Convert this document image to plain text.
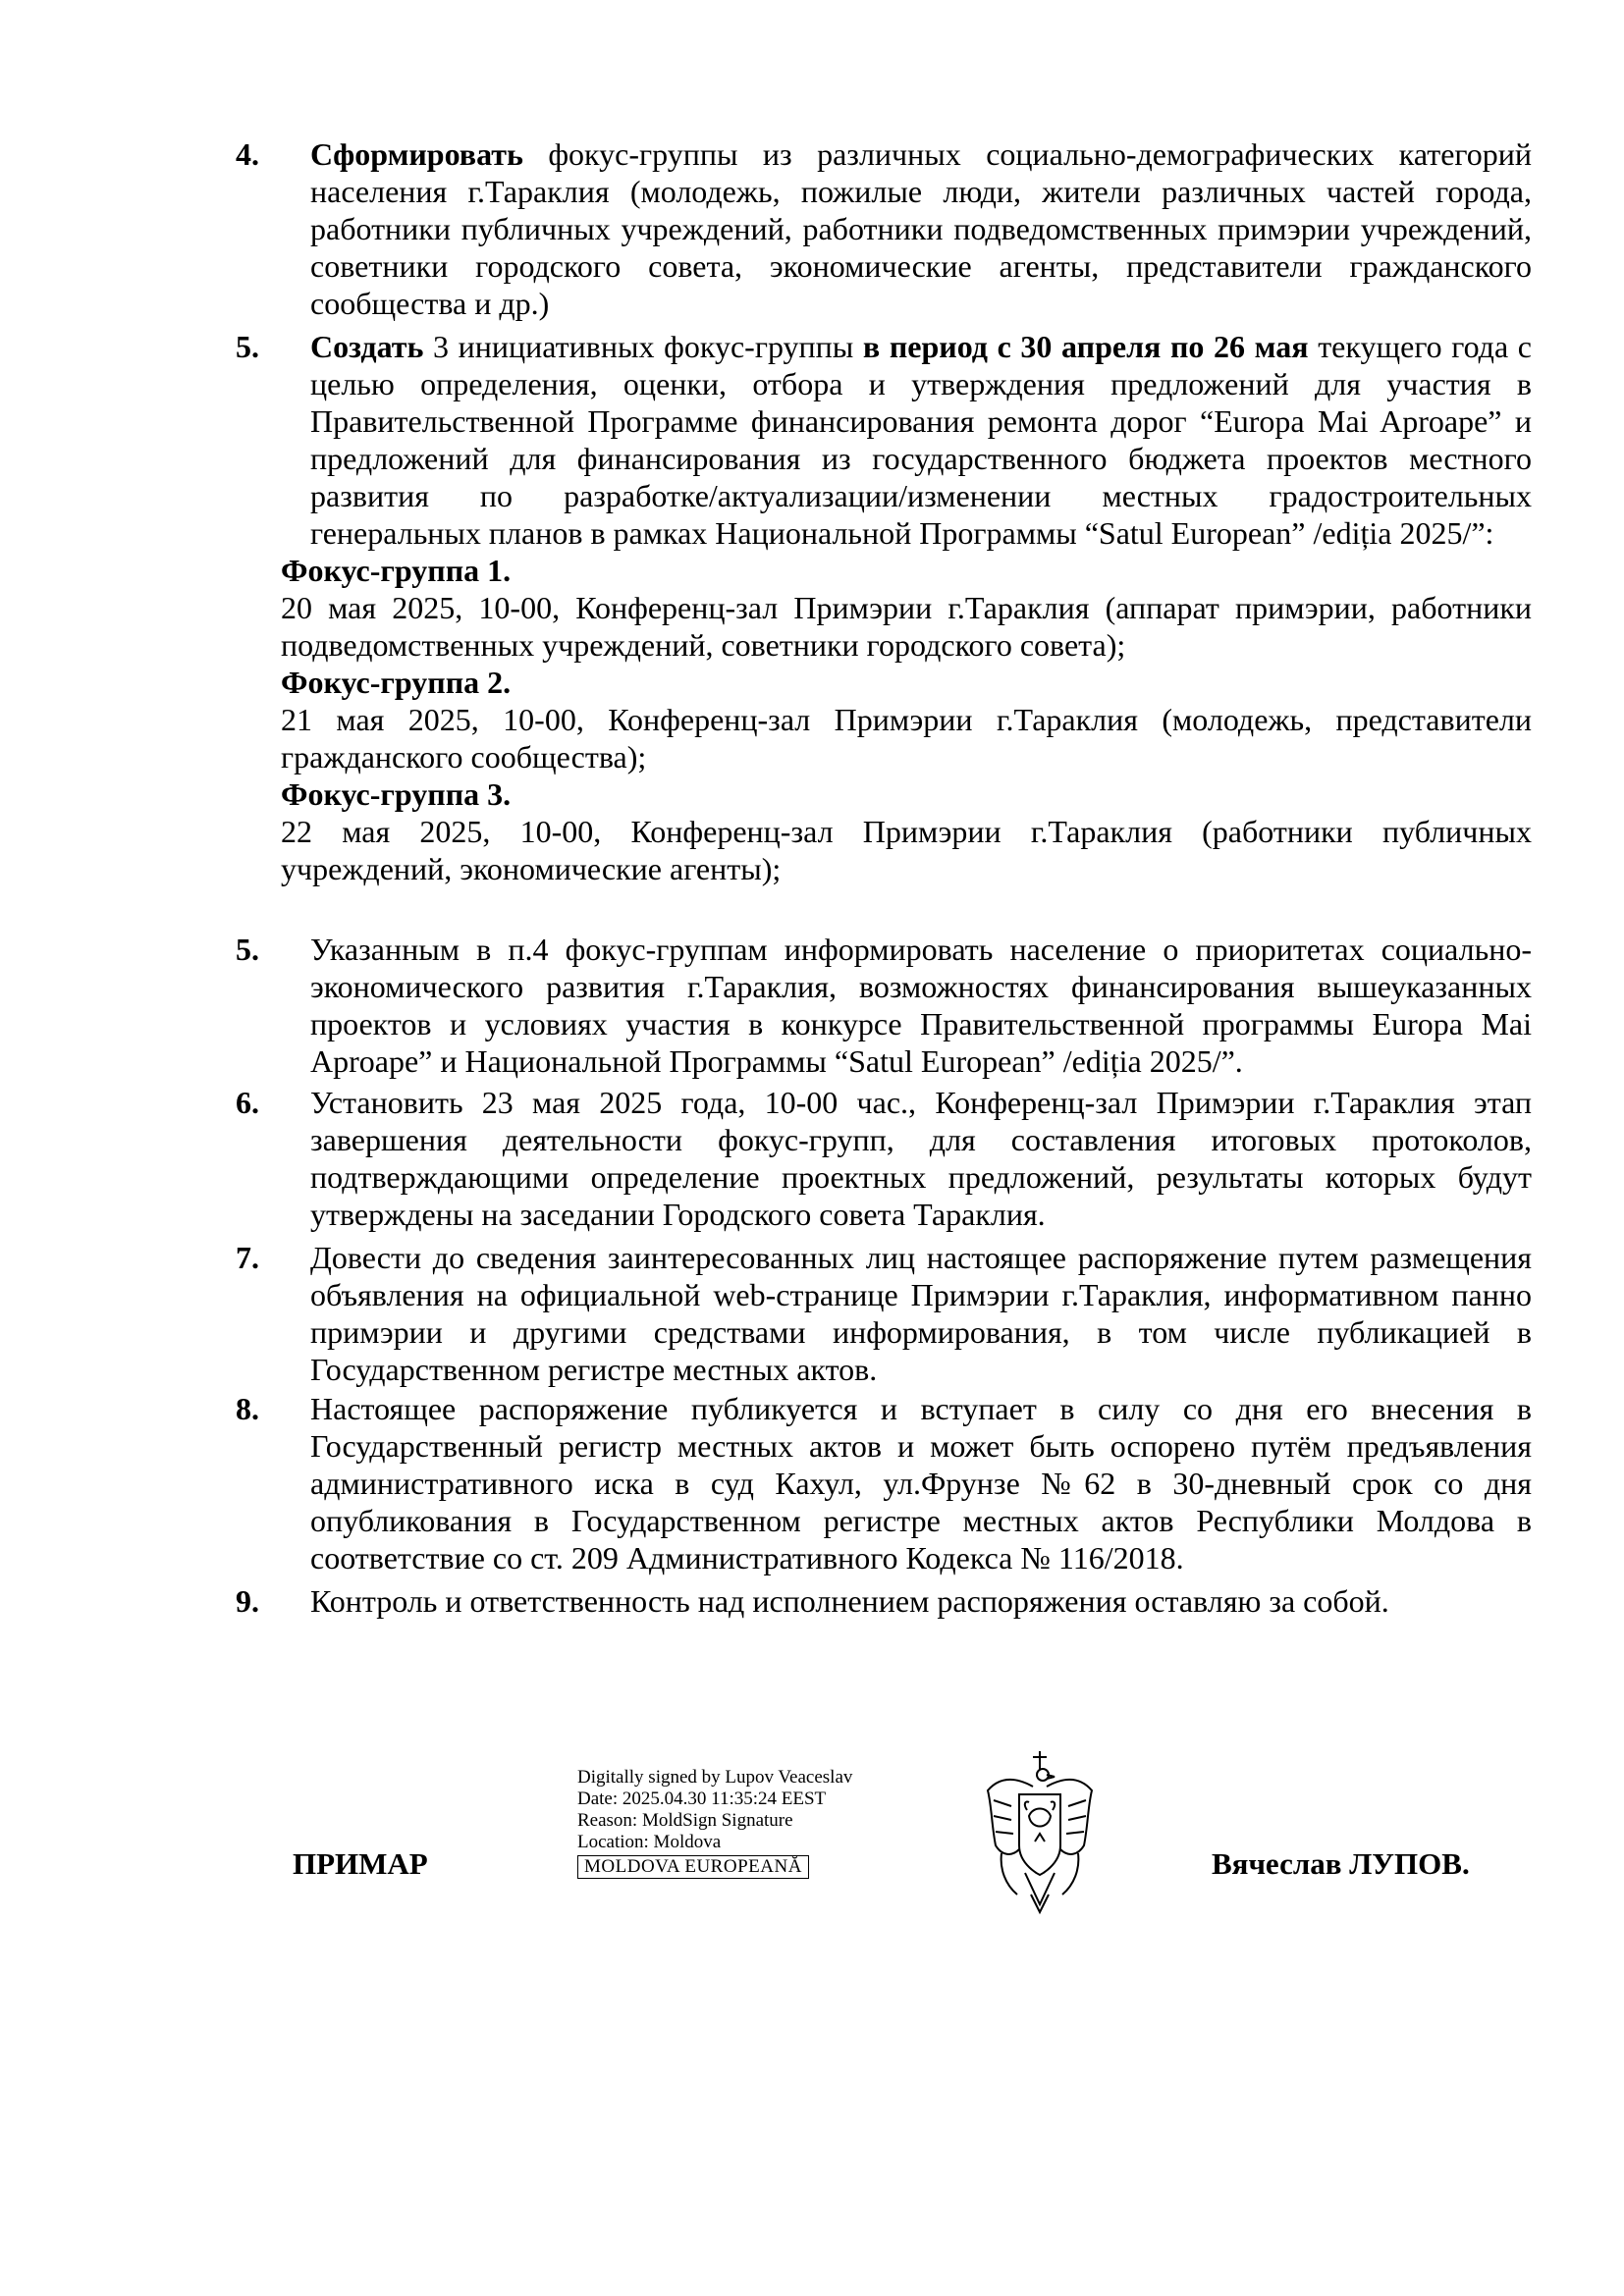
4.	Сформировать фокус-группы из различных социально-демографических категорий населения г.Тараклия (молодежь, пожилые люди, жители различных частей города, работники публичных учреждений, работники подведомственных примэрии учреждений, советники городского совета, экономические агенты, представители гражданского сообщества и др.)
5.	Создать 3 инициативных фокус-группы в период с 30 апреля по 26 мая текущего года с целью определения, оценки, отбора и утверждения предложений для участия в Правительственной Программе финансирования ремонта дорог “Europa Mai Aproape” и предложений для финансирования из государственного бюджета проектов местного развития по разработке/актуализации/изменении местных градостроительных генеральных планов в рамках Национальной Программы “Satul European” /ediția 2025/”:
Фокус-группа 1.
20 мая 2025, 10-00, Конференц-зал Примэрии г.Тараклия (аппарат примэрии, работники подведомственных учреждений, советники городского совета);
Фокус-группа 2.
21 мая 2025, 10-00, Конференц-зал Примэрии г.Тараклия (молодежь, представители гражданского сообщества);
Фокус-группа 3.
22 мая 2025, 10-00, Конференц-зал Примэрии г.Тараклия (работники публичных учреждений, экономические агенты);
5.	Указанным в п.4 фокус-группам информировать население о приоритетах социально-экономического развития г.Тараклия, возможностях финансирования вышеуказанных проектов и условиях участия в конкурсе Правительственной программы Europa Mai Aproape” и Национальной Программы “Satul European” /ediția 2025/”.
6.	Установить 23 мая 2025 года, 10-00 час., Конференц-зал Примэрии г.Тараклия этап завершения деятельности фокус-групп, для составления итоговых протоколов, подтверждающими определение проектных предложений, результаты которых будут утверждены на заседании Городского совета Тараклия.
7.	Довести до сведения заинтересованных лиц настоящее распоряжение путем размещения объявления на официальной web-странице Примэрии г.Тараклия, информативном панно примэрии и другими средствами информирования, в том числе публикацией в Государственном регистре местных актов.
8.	Настоящее распоряжение публикуется и вступает в силу со дня его внесения в Государственный регистр местных актов и может быть оспорено путём предъявления административного иска в суд Кахул, ул.Фрунзе №62 в 30-дневный срок со дня опубликования в Государственном регистре местных актов Республики Молдова в соответствие со ст. 209 Административного Кодекса № 116/2018.
9.	Контроль и ответственность над исполнением распоряжения оставляю за собой.
ПРИМАР
Digitally signed by Lupov Veaceslav
Date: 2025.04.30 11:35:24 EEST
Reason: MoldSign Signature
Location: Moldova
MOLDOVA EUROPEANĂ	Вячеслав ЛУПОВ.
